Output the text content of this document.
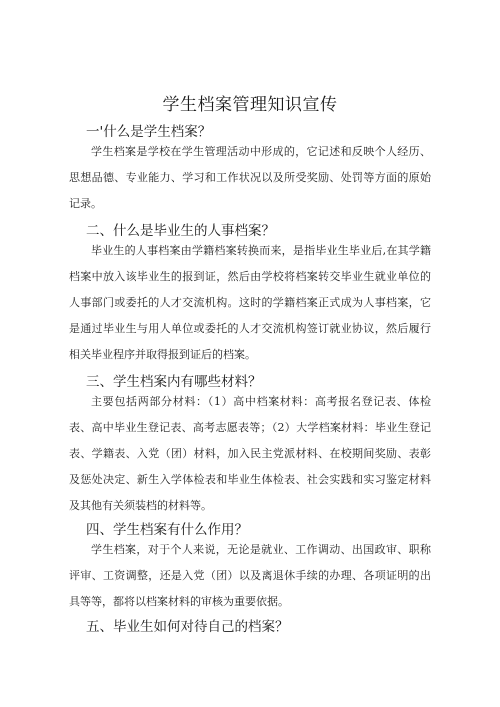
学生档案管理知识宣传
一'什么是学生档案？

学生档案是学校在学生管理活动中形成的，它记述和反映个人经历、思想品德、专业能力、学习和工作状况以及所受奖励、处罚等方面的原始记录。

二、什么是毕业生的人事档案？

毕业生的人事档案由学籍档案转换而来，是指毕业生毕业后,在其学籍档案中放入该毕业生的报到证，然后由学校将档案转交毕业生就业单位的人事部门或委托的人才交流机构。这时的学籍档案正式成为人事档案，它是通过毕业生与用人单位或委托的人才交流机构签订就业协议，然后履行相关毕业程序并取得报到证后的档案。

三、学生档案内有哪些材料？

主要包括两部分材料：（1）高中档案材料：高考报名登记表、体检表、高中毕业生登记表、高考志愿表等；（2）大学档案材料：毕业生登记表、学籍表、入党（团）材料，加入民主党派材料、在校期间奖励、表彰及惩处决定、新生入学体检表和毕业生体检表、社会实践和实习鉴定材料及其他有关须装档的材料等。

四、学生档案有什么作用？

学生档案，对于个人来说，无论是就业、工作调动、出国政审、职称评审、工资调整，还是入党（团）以及离退休手续的办理、各项证明的出具等等，都将以档案材料的审核为重要依据。

五、毕业生如何对待自己的档案？
